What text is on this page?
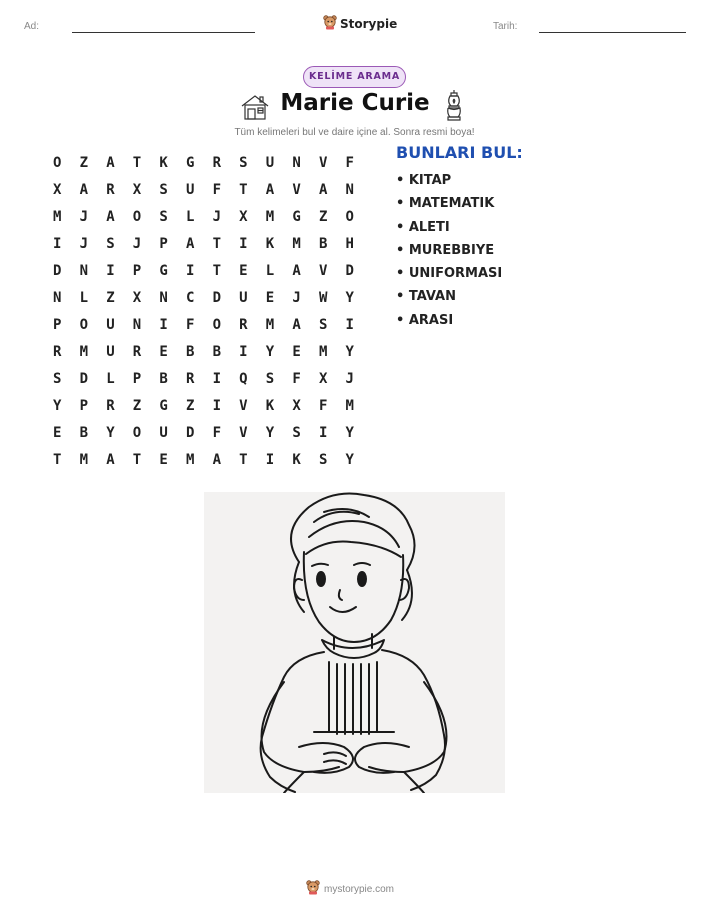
Ad:	Storypie	Tarih:
KELİME ARAMA
Marie Curie
Tüm kelimeleri bul ve daire içine al. Sonra resmi boya!
O	Z	A	T	K	G	R	S	U	N	V	F
X	A	R	X	S	U	F	T	A	V	A	N
M	J	A	O	S	L	J	X	M	G	Z	O
I	J	S	J	P	A	T	I	K	M	B	H
D	N	I	P	G	I	T	E	L	A	V	D
N	L	Z	X	N	C	D	U	E	J	W	Y
P	O	U	N	I	F	O	R	M	A	S	I
R	M	U	R	E	B	B	I	Y	E	M	Y
S	D	L	P	B	R	I	Q	S	F	X	J
Y	P	R	Z	G	Z	I	V	K	X	F	M
E	B	Y	O	U	D	F	V	Y	S	I	Y
T	M	A	T	E	M	A	T	I	K	S	Y
BUNLARI BUL:
• KITAP
• MATEMATIK
• ALETI
• MUREBBIYE
• UNIFORMASI
• TAVAN
• ARASI
mystorypie.com
